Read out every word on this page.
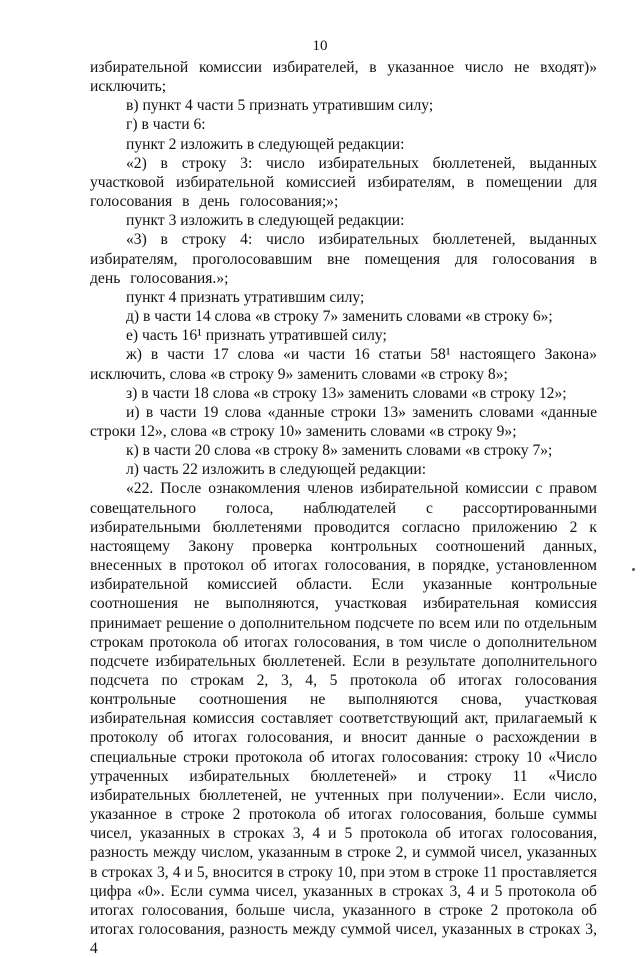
10

избирательной комиссии избирателей, в указанное число не входят)» исключить;

в) пункт 4 части 5 признать утратившим силу;

г) в части 6:

пункт 2 изложить в следующей редакции:

«2) в строку 3: число избирательных бюллетеней, выданных участковой избирательной комиссией избирателям, в помещении для голосования в день голосования;»;

пункт 3 изложить в следующей редакции:

«3) в строку 4: число избирательных бюллетеней, выданных избирателям, проголосовавшим вне помещения для голосования в день голосования.»;

пункт 4 признать утратившим силу;

д) в части 14 слова «в строку 7» заменить словами «в строку 6»;

е) часть 16¹ признать утратившей силу;

ж) в части 17 слова «и части 16 статьи 58¹ настоящего Закона» исключить, слова «в строку 9» заменить словами «в строку 8»;

з) в части 18 слова «в строку 13» заменить словами «в строку 12»;

и) в части 19 слова «данные строки 13» заменить словами «данные строки 12», слова «в строку 10» заменить словами «в строку 9»;

к) в части 20 слова «в строку 8» заменить словами «в строку 7»;

л) часть 22 изложить в следующей редакции:

«22. После ознакомления членов избирательной комиссии с правом совещательного голоса, наблюдателей с рассортированными избирательными бюллетенями проводится согласно приложению 2 к настоящему Закону проверка контрольных соотношений данных, внесенных в протокол об итогах голосования, в порядке, установленном избирательной комиссией области. Если указанные контрольные соотношения не выполняются, участковая избирательная комиссия принимает решение о дополнительном подсчете по всем или по отдельным строкам протокола об итогах голосования, в том числе о дополнительном подсчете избирательных бюллетеней. Если в результате дополнительного подсчета по строкам 2, 3, 4, 5 протокола об итогах голосования контрольные соотношения не выполняются снова, участковая избирательная комиссия составляет соответствующий акт, прилагаемый к протоколу об итогах голосования, и вносит данные о расхождении в специальные строки протокола об итогах голосования: строку 10 «Число утраченных избирательных бюллетеней» и строку 11 «Число избирательных бюллетеней, не учтенных при получении». Если число, указанное в строке 2 протокола об итогах голосования, больше суммы чисел, указанных в строках 3, 4 и 5 протокола об итогах голосования, разность между числом, указанным в строке 2, и суммой чисел, указанных в строках 3, 4 и 5, вносится в строку 10, при этом в строке 11 проставляется цифра «0». Если сумма чисел, указанных в строках 3, 4 и 5 протокола об итогах голосования, больше числа, указанного в строке 2 протокола об итогах голосования, разность между суммой чисел, указанных в строках 3, 4
